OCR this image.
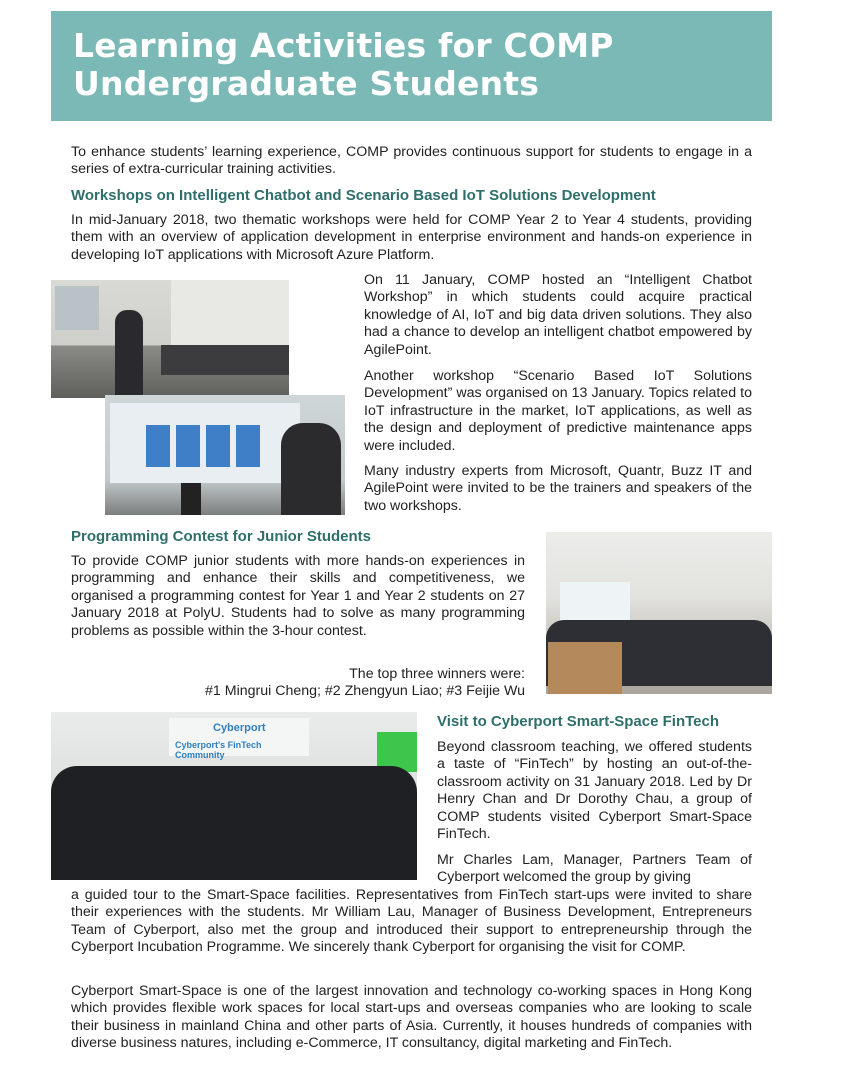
Learning Activities for COMP
Undergraduate Students

To enhance students’ learning experience, COMP provides continuous support for students to engage in a series of extra-curricular training activities.

Workshops on Intelligent Chatbot and Scenario Based IoT Solutions Development

In mid-January 2018, two thematic workshops were held for COMP Year 2 to Year 4 students, providing them with an overview of application development in enterprise environment and hands-on experience in developing IoT applications with Microsoft Azure Platform.

On 11 January, COMP hosted an “Intelligent Chatbot Workshop” in which students could acquire practical knowledge of AI, IoT and big data driven solutions. They also had a chance to develop an intelligent chatbot empowered by AgilePoint.

Another workshop “Scenario Based IoT Solutions Development” was organised on 13 January. Topics related to IoT infrastructure in the market, IoT applications, as well as the design and deployment of predictive maintenance apps were included.

Many industry experts from Microsoft, Quantr, Buzz IT and AgilePoint were invited to be the trainers and speakers of the two workshops.

Programming Contest for Junior Students

To provide COMP junior students with more hands-on experiences in programming and enhance their skills and competitiveness, we organised a programming contest for Year 1 and Year 2 students on 27 January 2018 at PolyU. Students had to solve as many programming problems as possible within the 3-hour contest.

The top three winners were:

#1 Mingrui Cheng; #2 Zhengyun Liao; #3 Feijie Wu

Cyberport
Cyberport's FinTech Community
Visit to Cyberport Smart-Space FinTech

Beyond classroom teaching, we offered students a taste of “FinTech” by hosting an out-of-the-classroom activity on 31 January 2018. Led by Dr Henry Chan and Dr Dorothy Chau, a group of COMP students visited Cyberport Smart-Space FinTech.

Mr Charles Lam, Manager, Partners Team of Cyberport welcomed the group by giving

a guided tour to the Smart-Space facilities. Representatives from FinTech start-ups were invited to share their experiences with the students. Mr William Lau, Manager of Business Development, Entrepreneurs Team of Cyberport, also met the group and introduced their support to entrepreneurship through the Cyberport Incubation Programme. We sincerely thank Cyberport for organising the visit for COMP.

Cyberport Smart-Space is one of the largest innovation and technology co-working spaces in Hong Kong which provides flexible work spaces for local start-ups and overseas companies who are looking to scale their business in mainland China and other parts of Asia. Currently, it houses hundreds of companies with diverse business natures, including e-Commerce, IT consultancy, digital marketing and FinTech.
